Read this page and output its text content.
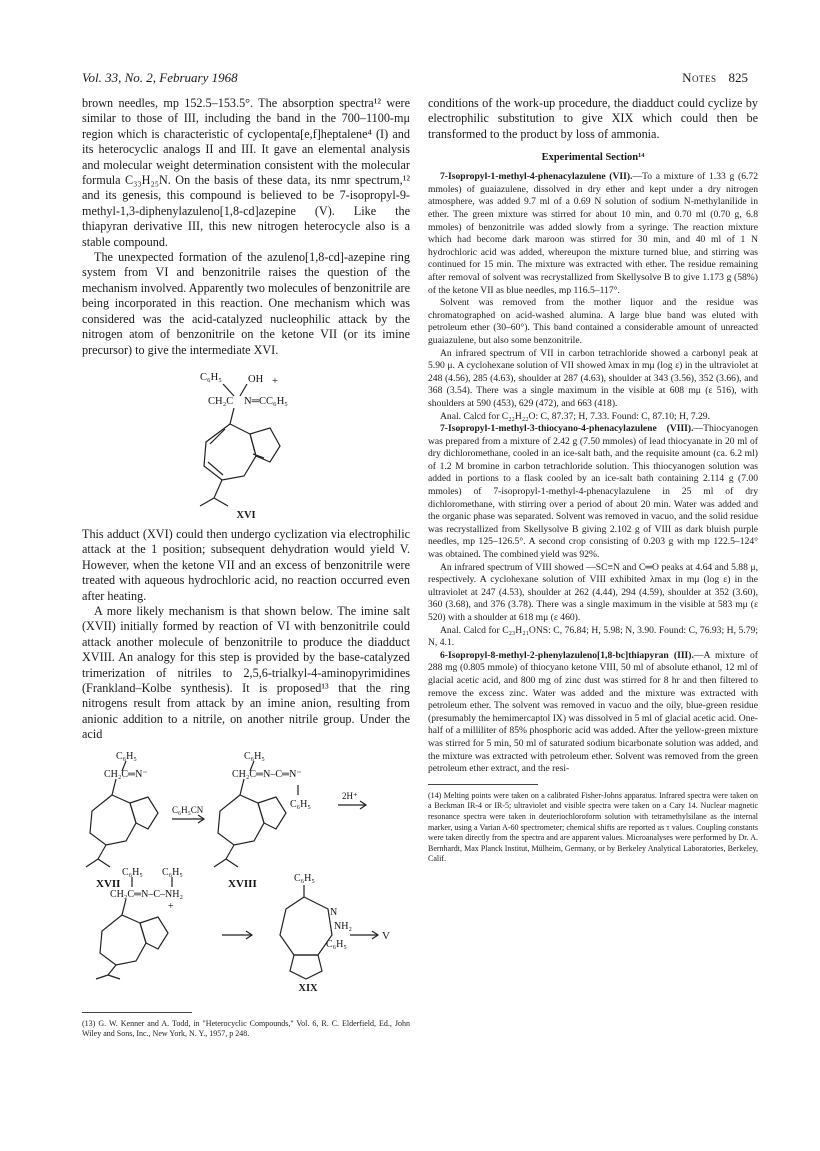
Vol. 33, No. 2, February 1968	Notes 825

brown needles, mp 152.5–153.5°. The absorption spectra¹² were similar to those of III, including the band in the 700–1100-mμ region which is characteristic of cyclopenta[e,f]heptalene⁴ (I) and its heterocyclic analogs II and III. It gave an elemental analysis and molecular weight determination consistent with the molecular formula C₃₃H₂₅N. On the basis of these data, its nmr spectrum,¹² and its genesis, this compound is believed to be 7-isopropyl-9-methyl-1,3-diphenylazuleno[1,8-cd]azepine (V). Like the thiapyran derivative III, this new nitrogen heterocycle also is a stable compound.

The unexpected formation of the azuleno[1,8-cd]-azepine ring system from VI and benzonitrile raises the question of the mechanism involved. Apparently two molecules of benzonitrile are being incorporated in this reaction. One mechanism which was considered was the acid-catalyzed nucleophilic attack by the nitrogen atom of benzonitrile on the ketone VII (or its imine precursor) to give the intermediate XVI.

C₆H₅ OH +
CH₂C N═CC₆H₅
XVI

This adduct (XVI) could then undergo cyclization via electrophilic attack at the 1 position; subsequent dehydration would yield V. However, when the ketone VII and an excess of benzonitrile were treated with aqueous hydrochloric acid, no reaction occurred even after heating.

A more likely mechanism is that shown below. The imine salt (XVII) initially formed by reaction of VI with benzonitrile could attack another molecule of benzonitrile to produce the diadduct XVIII. An analogy for this step is provided by the base-catalyzed trimerization of nitriles to 2,5,6-trialkyl-4-aminopyrimidines (Frankland–Kolbe synthesis). It is proposed¹³ that the ring nitrogens result from attack by an imine anion, resulting from anionic addition to a nitrile, on another nitrile group. Under the acid

C₆H₅
CH₂C═N⁻
C₆H₅CN
C₆H₅
CH₂C═N–C═N⁻
C₆H₅
2H⁺
XVII	XVIII
C₆H₅ C₆H₅
CH₂C═N–C–NH₂
+
C₆H₅
N
NH₂
C₆H₅
V
XIX

(13) G. W. Kenner and A. Todd, in "Heterocyclic Compounds," Vol. 6, R. C. Elderfield, Ed., John Wiley and Sons, Inc., New York, N. Y., 1957, p 248.

conditions of the work-up procedure, the diadduct could cyclize by electrophilic substitution to give XIX which could then be transformed to the product by loss of ammonia.

Experimental Section¹⁴

7-Isopropyl-1-methyl-4-phenacylazulene (VII).—To a mixture of 1.33 g (6.72 mmoles) of guaiazulene, dissolved in dry ether and kept under a dry nitrogen atmosphere, was added 9.7 ml of a 0.69 N solution of sodium N-methylanilide in ether. The green mixture was stirred for about 10 min, and 0.70 ml (0.70 g, 6.8 mmoles) of benzonitrile was added slowly from a syringe. The reaction mixture which had become dark maroon was stirred for 30 min, and 40 ml of 1 N hydrochloric acid was added, whereupon the mixture turned blue, and stirring was continued for 15 min. The mixture was extracted with ether. The residue remaining after removal of solvent was recrystallized from Skellysolve B to give 1.173 g (58%) of the ketone VII as blue needles, mp 116.5–117°.

Solvent was removed from the mother liquor and the residue was chromatographed on acid-washed alumina. A large blue band was eluted with petroleum ether (30–60°). This band contained a considerable amount of unreacted guaiazulene, but also some benzonitrile.

An infrared spectrum of VII in carbon tetrachloride showed a carbonyl peak at 5.90 μ. A cyclohexane solution of VII showed λmax in mμ (log ε) in the ultraviolet at 248 (4.56), 285 (4.63), shoulder at 287 (4.63), shoulder at 343 (3.56), 352 (3.66), and 368 (3.54). There was a single maximum in the visible at 608 mμ (ε 516), with shoulders at 590 (453), 629 (472), and 663 (418).

Anal. Calcd for C₂₂H₂₂O: C, 87.37; H, 7.33. Found: C, 87.10; H, 7.29.

7-Isopropyl-1-methyl-3-thiocyano-4-phenacylazulene (VIII).—Thiocyanogen was prepared from a mixture of 2.42 g (7.50 mmoles) of lead thiocyanate in 20 ml of dry dichloromethane, cooled in an ice-salt bath, and the requisite amount (ca. 6.2 ml) of 1.2 M bromine in carbon tetrachloride solution. This thiocyanogen solution was added in portions to a flask cooled by an ice-salt bath containing 2.114 g (7.00 mmoles) of 7-isopropyl-1-methyl-4-phenacylazulene in 25 ml of dry dichloromethane, with stirring over a period of about 20 min. Water was added and the organic phase was separated. Solvent was removed in vacuo, and the solid residue was recrystallized from Skellysolve B giving 2.102 g of VIII as dark bluish purple needles, mp 125–126.5°. A second crop consisting of 0.203 g with mp 122.5–124° was obtained. The combined yield was 92%.

An infrared spectrum of VIII showed —SC≡N and C═O peaks at 4.64 and 5.88 μ, respectively. A cyclohexane solution of VIII exhibited λmax in mμ (log ε) in the ultraviolet at 247 (4.53), shoulder at 262 (4.44), 294 (4.59), shoulder at 352 (3.60), 360 (3.68), and 376 (3.78). There was a single maximum in the visible at 583 mμ (ε 520) with a shoulder at 618 mμ (ε 460).

Anal. Calcd for C₂₃H₂₁ONS: C, 76.84; H, 5.98; N, 3.90. Found: C, 76.93; H, 5.79; N, 4.1.

6-Isopropyl-8-methyl-2-phenylazuleno[1,8-bc]thiapyran (III).—A mixture of 288 mg (0.805 mmole) of thiocyano ketone VIII, 50 ml of absolute ethanol, 12 ml of glacial acetic acid, and 800 mg of zinc dust was stirred for 8 hr and then filtered to remove the excess zinc. Water was added and the mixture was extracted with petroleum ether. The solvent was removed in vacuo and the oily, blue-green residue (presumably the hemimercaptol IX) was dissolved in 5 ml of glacial acetic acid. One-half of a milliliter of 85% phosphoric acid was added. After the yellow-green mixture was stirred for 5 min, 50 ml of saturated sodium bicarbonate solution was added, and the mixture was extracted with petroleum ether. Solvent was removed from the green petroleum ether extract, and the resi-

(14) Melting points were taken on a calibrated Fisher-Johns apparatus. Infrared spectra were taken on a Beckman IR-4 or IR-5; ultraviolet and visible spectra were taken on a Cary 14. Nuclear magnetic resonance spectra were taken in deuteriochloroform solution with tetramethylsilane as the internal marker, using a Varian A-60 spectrometer; chemical shifts are reported as τ values. Coupling constants were taken directly from the spectra and are apparent values. Microanalyses were performed by Dr. A. Bernhardt, Max Planck Institut, Mülheim, Germany, or by Berkeley Analytical Laboratories, Berkeley, Calif.
